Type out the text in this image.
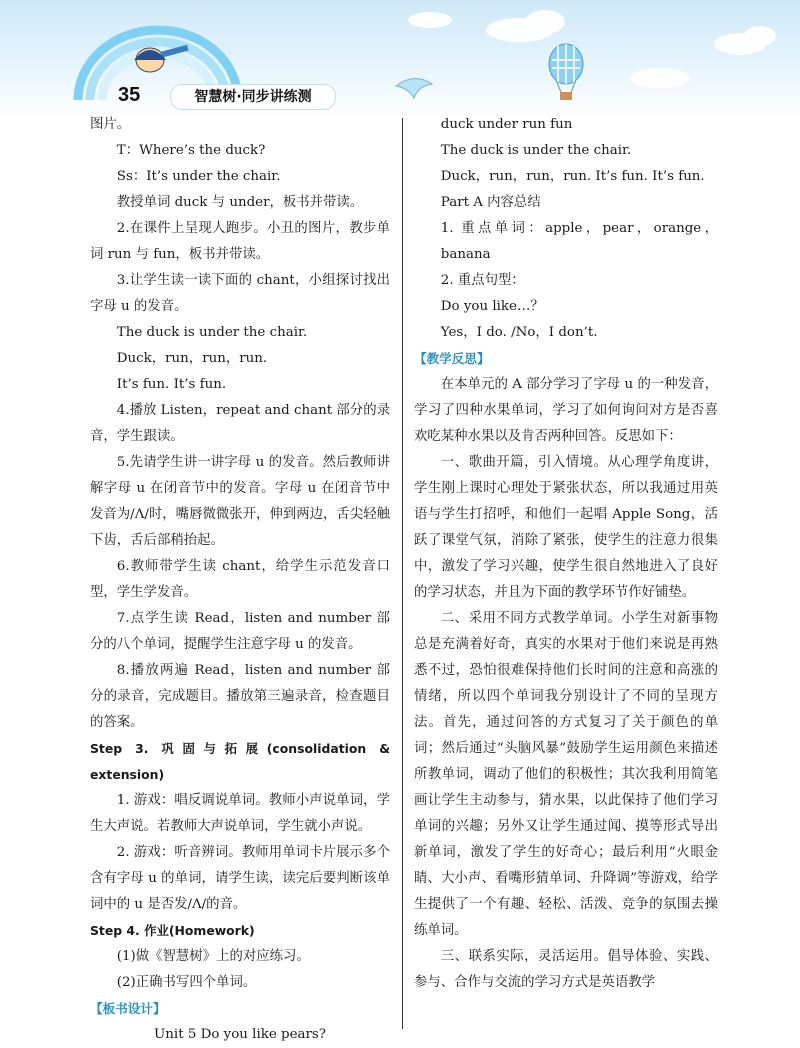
35	智慧树·同步讲练测

图片。

T：Where’s the duck?

Ss：It’s under the chair.

教授单词 duck 与 under，板书并带读。

2.在课件上呈现人跑步。小丑的图片，教步单词 run 与 fun，板书并带读。

3.让学生读一读下面的 chant，小组探讨找出字母 u 的发音。

The duck is under the chair.

Duck，run，run，run.

It’s fun. It’s fun.

4.播放 Listen，repeat and chant 部分的录音，学生跟读。

5.先请学生讲一讲字母 u 的发音。然后教师讲解字母 u 在闭音节中的发音。字母 u 在闭音节中发音为/Λ/时，嘴唇微微张开，伸到两边，舌尖轻触下齿，舌后部稍抬起。

6.教师带学生读 chant，给学生示范发音口型，学生学发音。

7.点学生读 Read，listen and number 部分的八个单词，提醒学生注意字母 u 的发音。

8.播放两遍 Read，listen and number 部分的录音，完成题目。播放第三遍录音，检查题目的答案。

Step 3. 巩固与拓展(consolidation & extension)

1. 游戏：唱反调说单词。教师小声说单词，学生大声说。若教师大声说单词，学生就小声说。

2. 游戏：听音辨词。教师用单词卡片展示多个含有字母 u 的单词，请学生读，读完后要判断该单词中的 u 是否发/Λ/的音。

Step 4. 作业(Homework)

(1)做《智慧树》上的对应练习。

(2)正确书写四个单词。

【板书设计】

Unit 5 Do you like pears?

duck under run fun

The duck is under the chair.

Duck，run，run，run. It’s fun. It’s fun.

Part A 内容总结

1. 重点单词：apple，pear，orange，banana

2. 重点句型：

Do you like…？

Yes，I do. /No，I don’t.

【教学反思】

在本单元的 A 部分学习了字母 u 的一种发音，学习了四种水果单词，学习了如何询问对方是否喜欢吃某种水果以及肯否两种回答。反思如下：

一、歌曲开篇，引入情境。从心理学角度讲，学生刚上课时心理处于紧张状态，所以我通过用英语与学生打招呼，和他们一起唱 Apple Song，活跃了课堂气氛，消除了紧张，使学生的注意力很集中，激发了学习兴趣，使学生很自然地进入了良好的学习状态，并且为下面的教学环节作好铺垫。

二、采用不同方式教学单词。小学生对新事物总是充满着好奇，真实的水果对于他们来说是再熟悉不过，恐怕很难保持他们长时间的注意和高涨的情绪，所以四个单词我分别设计了不同的呈现方法。首先，通过问答的方式复习了关于颜色的单词；然后通过“头脑风暴”鼓励学生运用颜色来描述所教单词，调动了他们的积极性；其次我利用简笔画让学生主动参与，猜水果，以此保持了他们学习单词的兴趣；另外又让学生通过闻、摸等形式导出新单词，激发了学生的好奇心；最后利用“火眼金睛、大小声、看嘴形猜单词、升降调”等游戏，给学生提供了一个有趣、轻松、活泼、竞争的氛围去操练单词。

三、联系实际，灵活运用。倡导体验、实践、参与、合作与交流的学习方式是英语教学
